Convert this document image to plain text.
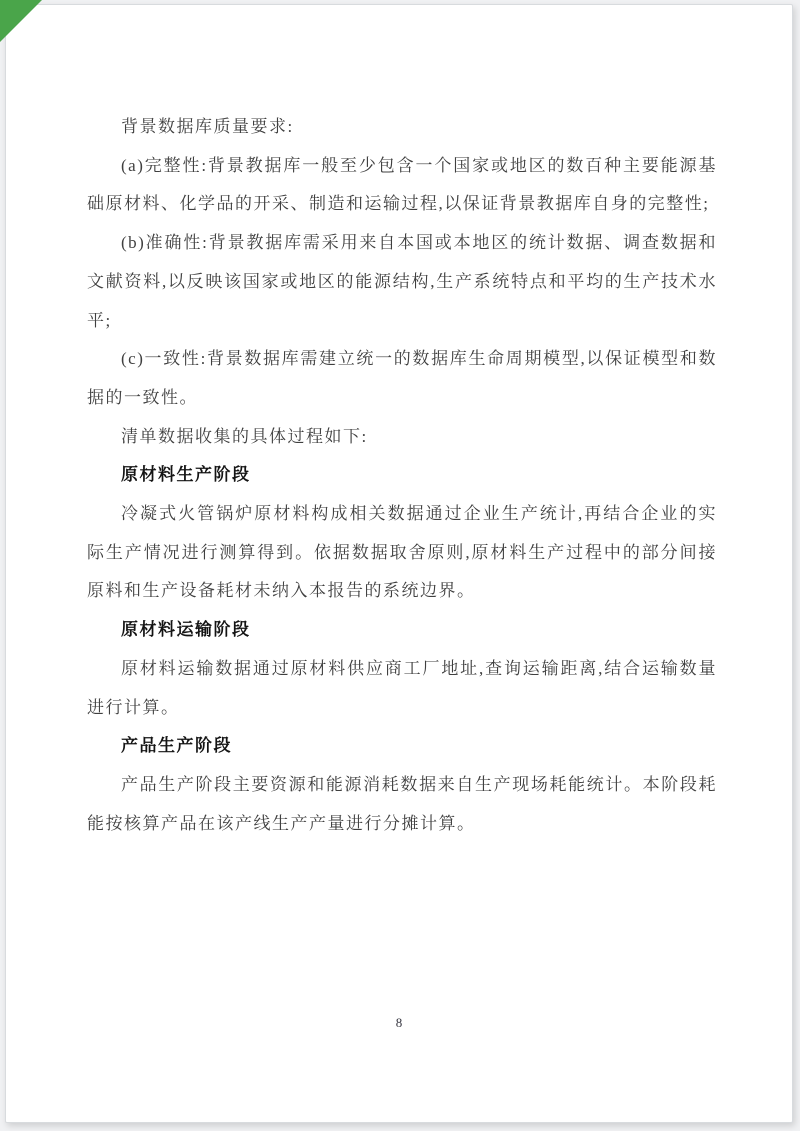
背景数据库质量要求:

(a)完整性:背景教据库一般至少包含一个国家或地区的数百种主要能源基础原材料、化学品的开采、制造和运输过程,以保证背景教据库自身的完整性;

(b)准确性:背景教据库需采用来自本国或本地区的统计数据、调查数据和文献资料,以反映该国家或地区的能源结构,生产系统特点和平均的生产技术水平;

(c)一致性:背景数据库需建立统一的数据库生命周期模型,以保证模型和数据的一致性。

清单数据收集的具体过程如下:

原材料生产阶段

冷凝式火管锅炉原材料构成相关数据通过企业生产统计,再结合企业的实际生产情况进行测算得到。依据数据取舍原则,原材料生产过程中的部分间接原料和生产设备耗材未纳入本报告的系统边界。

原材料运输阶段

原材料运输数据通过原材料供应商工厂地址,查询运输距离,结合运输数量进行计算。

产品生产阶段

产品生产阶段主要资源和能源消耗数据来自生产现场耗能统计。本阶段耗能按核算产品在该产线生产产量进行分摊计算。

8
